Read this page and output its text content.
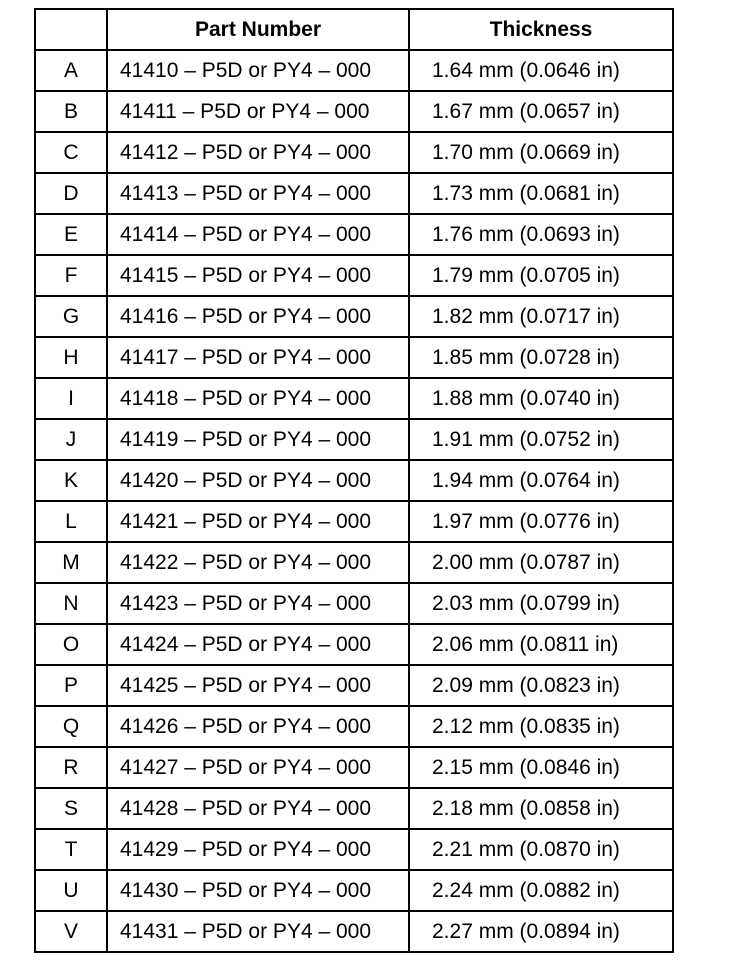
	Part Number	Thickness
A	41410 – P5D or PY4 – 000	1.64 mm (0.0646 in)
B	41411 – P5D or PY4 – 000	1.67 mm (0.0657 in)
C	41412 – P5D or PY4 – 000	1.70 mm (0.0669 in)
D	41413 – P5D or PY4 – 000	1.73 mm (0.0681 in)
E	41414 – P5D or PY4 – 000	1.76 mm (0.0693 in)
F	41415 – P5D or PY4 – 000	1.79 mm (0.0705 in)
G	41416 – P5D or PY4 – 000	1.82 mm (0.0717 in)
H	41417 – P5D or PY4 – 000	1.85 mm (0.0728 in)
I	41418 – P5D or PY4 – 000	1.88 mm (0.0740 in)
J	41419 – P5D or PY4 – 000	1.91 mm (0.0752 in)
K	41420 – P5D or PY4 – 000	1.94 mm (0.0764 in)
L	41421 – P5D or PY4 – 000	1.97 mm (0.0776 in)
M	41422 – P5D or PY4 – 000	2.00 mm (0.0787 in)
N	41423 – P5D or PY4 – 000	2.03 mm (0.0799 in)
O	41424 – P5D or PY4 – 000	2.06 mm (0.0811 in)
P	41425 – P5D or PY4 – 000	2.09 mm (0.0823 in)
Q	41426 – P5D or PY4 – 000	2.12 mm (0.0835 in)
R	41427 – P5D or PY4 – 000	2.15 mm (0.0846 in)
S	41428 – P5D or PY4 – 000	2.18 mm (0.0858 in)
T	41429 – P5D or PY4 – 000	2.21 mm (0.0870 in)
U	41430 – P5D or PY4 – 000	2.24 mm (0.0882 in)
V	41431 – P5D or PY4 – 000	2.27 mm (0.0894 in)
